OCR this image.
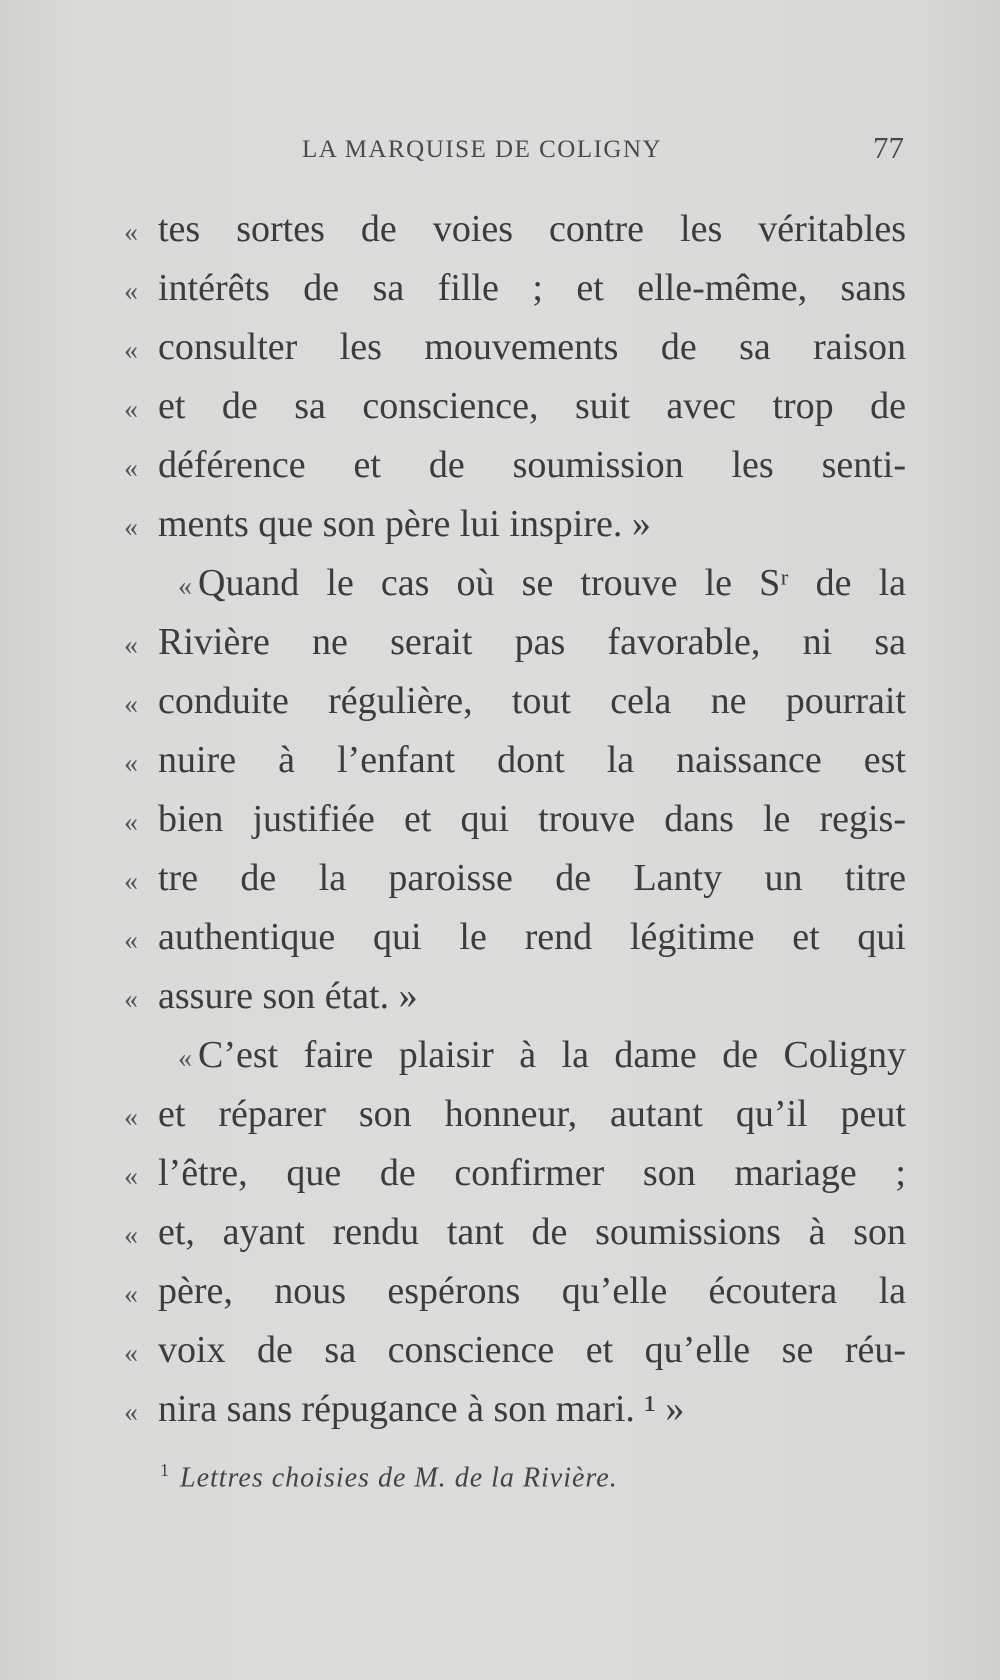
LA MARQUISE DE COLIGNY	77
« tes sortes de voies contre les véritables
« intérêts de sa fille ; et elle-même, sans
« consulter les mouvements de sa raison
« et de sa conscience, suit avec trop de
« déférence et de soumission les senti-
« ments que son père lui inspire. »
« Quand le cas où se trouve le Sʳ de la
« Rivière ne serait pas favorable, ni sa
« conduite régulière, tout cela ne pourrait
« nuire à l’enfant dont la naissance est
« bien justifiée et qui trouve dans le regis-
« tre de la paroisse de Lanty un titre
« authentique qui le rend légitime et qui
« assure son état. »
« C’est faire plaisir à la dame de Coligny
« et réparer son honneur, autant qu’il peut
« l’être, que de confirmer son mariage ;
« et, ayant rendu tant de soumissions à son
« père, nous espérons qu’elle écoutera la
« voix de sa conscience et qu’elle se réu-
« nira sans répugance à son mari. ¹ »
$^1$ Lettres choisies de M. de la Rivière.
